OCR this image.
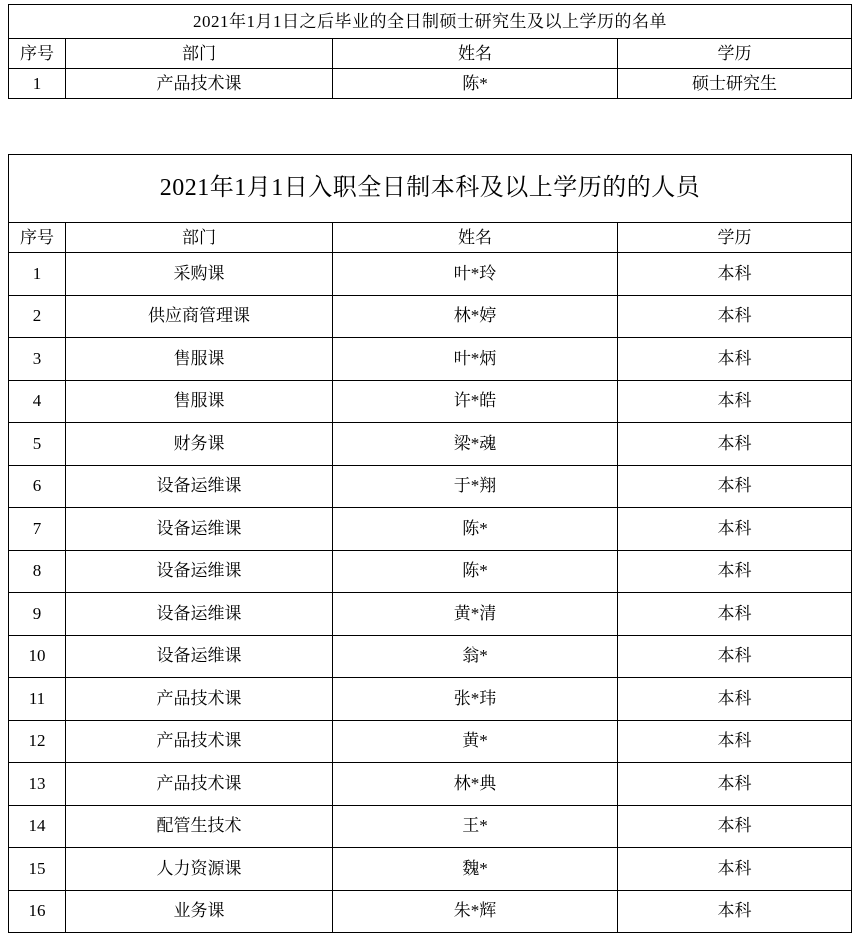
2021年1月1日之后毕业的全日制硕士研究生及以上学历的名单			
序号	部门	姓名	学历
1	产品技术课	陈*	硕士研究生
2021年1月1日入职全日制本科及以上学历的的人员			
序号	部门	姓名	学历
1	采购课	叶*玲	本科
2	供应商管理课	林*婷	本科
3	售服课	叶*炳	本科
4	售服课	许*皓	本科
5	财务课	梁*魂	本科
6	设备运维课	于*翔	本科
7	设备运维课	陈*	本科
8	设备运维课	陈*	本科
9	设备运维课	黄*清	本科
10	设备运维课	翁*	本科
11	产品技术课	张*玮	本科
12	产品技术课	黄*	本科
13	产品技术课	林*典	本科
14	配管生技术	王*	本科
15	人力资源课	魏*	本科
16	业务课	朱*辉	本科
